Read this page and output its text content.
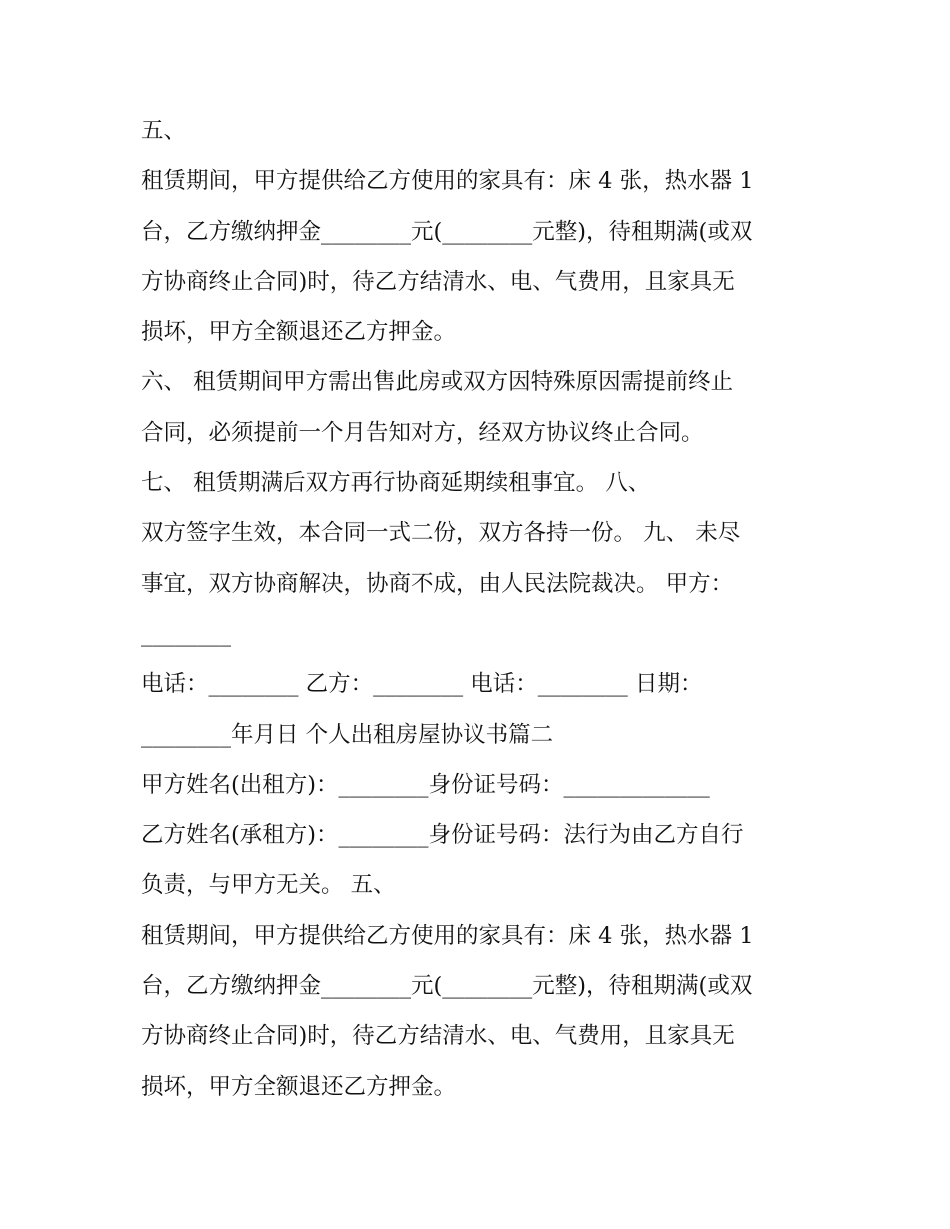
五、
租赁期间，甲方提供给乙方使用的家具有：床 4 张，热水器 1
台，乙方缴纳押金________元(________元整)，待租期满(或双
方协商终止合同)时，待乙方结清水、电、气费用，且家具无
损坏，甲方全额退还乙方押金。
六、 租赁期间甲方需出售此房或双方因特殊原因需提前终止
合同，必须提前一个月告知对方，经双方协议终止合同。
七、 租赁期满后双方再行协商延期续租事宜。 八、
双方签字生效，本合同一式二份，双方各持一份。 九、 未尽
事宜，双方协商解决，协商不成，由人民法院裁决。 甲方：
________
电话：________ 乙方：________ 电话：________ 日期：
________年月日 个人出租房屋协议书篇二
甲方姓名(出租方)：________身份证号码：_____________
乙方姓名(承租方)：________身份证号码：法行为由乙方自行
负责，与甲方无关。 五、
租赁期间，甲方提供给乙方使用的家具有：床 4 张，热水器 1
台，乙方缴纳押金________元(________元整)，待租期满(或双
方协商终止合同)时，待乙方结清水、电、气费用，且家具无
损坏，甲方全额退还乙方押金。
